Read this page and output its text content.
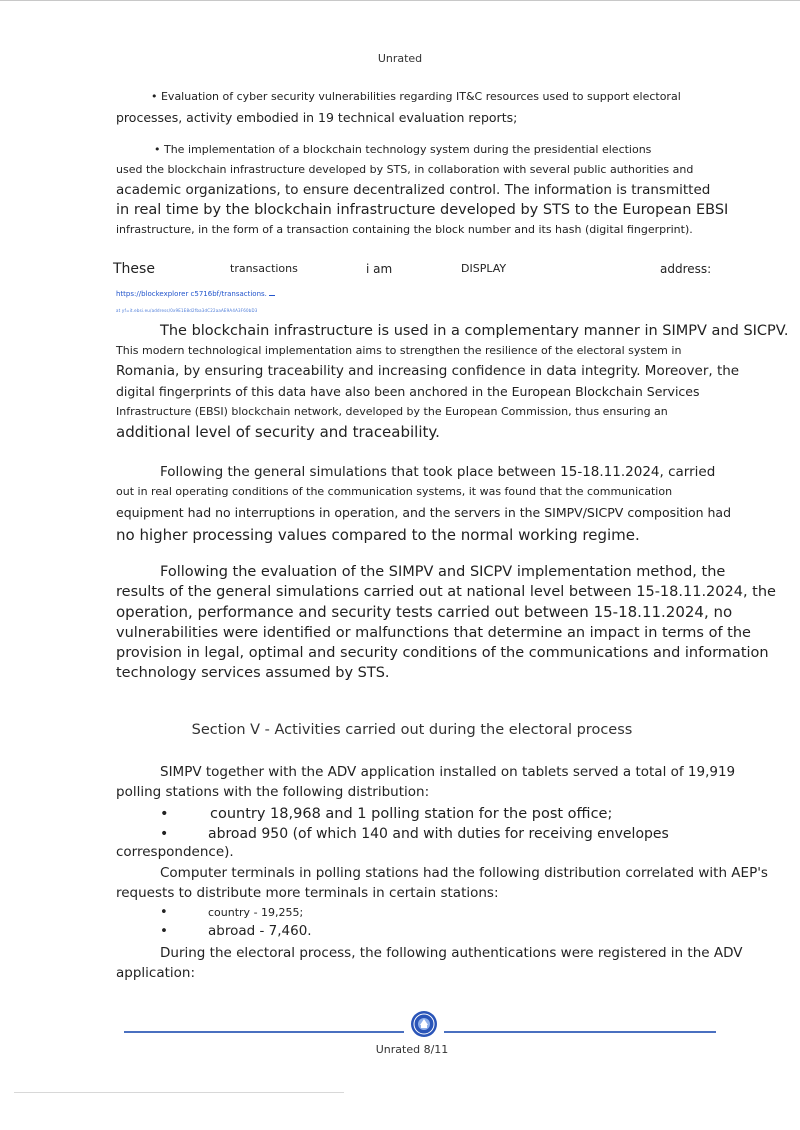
Unrated
• Evaluation of cyber security vulnerabilities regarding IT&C resources used to support electoral
processes, activity embodied in 19 technical evaluation reports;
• The implementation of a blockchain technology system during the presidential elections
used the blockchain infrastructure developed by STS, in collaboration with several public authorities and
academic organizations, to ensure decentralized control. The information is transmitted
in real time by the blockchain infrastructure developed by STS to the European EBSI
infrastructure, in the form of a transaction containing the block number and its hash (digital fingerprint).
These	transactions	i am	DISPLAY	address:
https://blockexplorer c5716bf/transactions.
at yf=it.ebsi.eu/address/0x9E1E8d2fba3dC22aaAE9A4A3F60bD3
The blockchain infrastructure is used in a complementary manner in SIMPV and SICPV.
This modern technological implementation aims to strengthen the resilience of the electoral system in
Romania, by ensuring traceability and increasing confidence in data integrity. Moreover, the
digital fingerprints of this data have also been anchored in the European Blockchain Services
Infrastructure (EBSI) blockchain network, developed by the European Commission, thus ensuring an
additional level of security and traceability.
Following the general simulations that took place between 15-18.11.2024, carried
out in real operating conditions of the communication systems, it was found that the communication
equipment had no interruptions in operation, and the servers in the SIMPV/SICPV composition had
no higher processing values compared to the normal working regime.
Following the evaluation of the SIMPV and SICPV implementation method, the
results of the general simulations carried out at national level between 15-18.11.2024, the
operation, performance and security tests carried out between 15-18.11.2024, no
vulnerabilities were identified or malfunctions that determine an impact in terms of the
provision in legal, optimal and security conditions of the communications and information
technology services assumed by STS.
Section V - Activities carried out during the electoral process
SIMPV together with the ADV application installed on tablets served a total of 19,919
polling stations with the following distribution:
•	country 18,968 and 1 polling station for the post office;
•	abroad 950 (of which 140 and with duties for receiving envelopes
correspondence).
Computer terminals in polling stations had the following distribution correlated with AEP's
requests to distribute more terminals in certain stations:
•	country - 19,255;
•	abroad - 7,460.
During the electoral process, the following authentications were registered in the ADV
application:
Unrated 8/11
